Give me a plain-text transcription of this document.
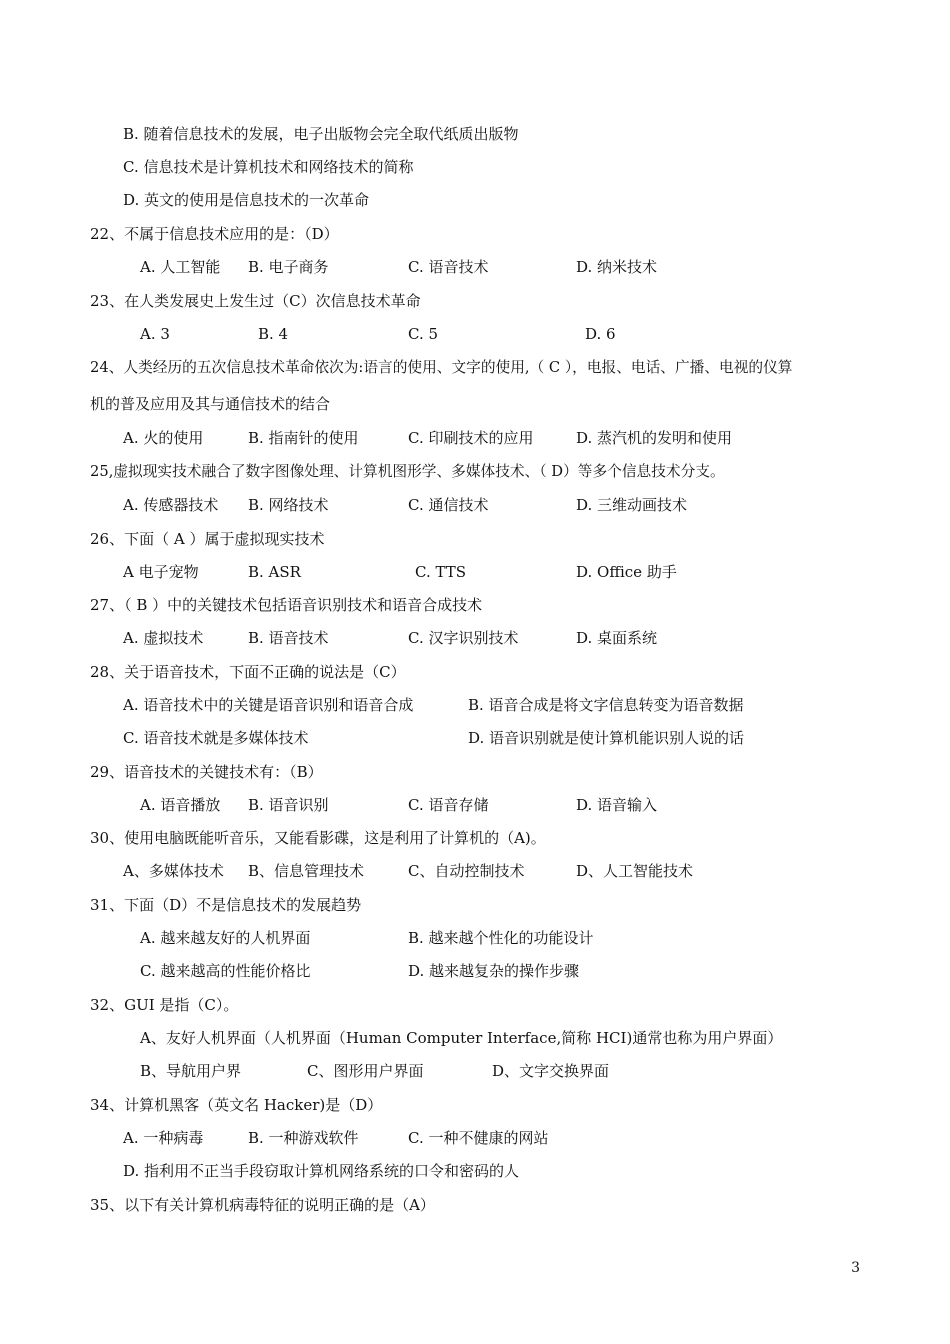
B. 随着信息技术的发展，电子出版物会完全取代纸质出版物
C. 信息技术是计算机技术和网络技术的简称
D. 英文的使用是信息技术的一次革命
22、不属于信息技术应用的是：（D）
A. 人工智能 B. 电子商务	C. 语音技术	D. 纳米技术
23、在人类发展史上发生过（C）次信息技术革命
A. 3	B. 4	C. 5	D. 6
24、人类经历的五次信息技术革命依次为:语言的使用、文字的使用,（ C ），电报、电话、广播、电视的仪算
机的普及应用及其与通信技术的结合
A. 火的使用	B. 指南针的使用	C. 印刷技术的应用	D. 蒸汽机的发明和使用
25,虚拟现实技术融合了数字图像处理、计算机图形学、多媒体技术、（ D）等多个信息技术分支。
A. 传感器技术 B. 网络技术	C. 通信技术	D. 三维动画技术
26、下面（ A ）属于虚拟现实技术
A 电子宠物	B. ASR	C. TTS	D. Office 助手
27、（ B ）中的关键技术包括语音识别技术和语音合成技术
A. 虚拟技术	B. 语音技术	C. 汉字识别技术	D. 桌面系统
28、关于语音技术，下面不正确的说法是（C）
A. 语音技术中的关键是语音识别和语音合成	B. 语音合成是将文字信息转变为语音数据
C. 语音技术就是多媒体技术	D. 语音识别就是使计算机能识别人说的话
29、语音技术的关键技术有：（B）
A. 语音播放 B. 语音识别	C. 语音存储	D. 语音输入
30、使用电脑既能听音乐，又能看影碟，这是利用了计算机的（A)。
A、多媒体技术 B、信息管理技术	C、自动控制技术	D、人工智能技术
31、下面（D）不是信息技术的发展趋势
A. 越来越友好的人机界面	B. 越来越个性化的功能设计
C. 越来越高的性能价格比	D. 越来越复杂的操作步骤
32、GUI 是指（C）。
A、友好人机界面（人机界面（Human Computer Interface,简称 HCI)通常也称为用户界面）
B、导航用户界	C、图形用户界面	D、文字交换界面
34、计算机黑客（英文名 Hacker)是（D）
A. 一种病毒	B. 一种游戏软件	C. 一种不健康的网站
D. 指利用不正当手段窃取计算机网络系统的口令和密码的人
35、以下有关计算机病毒特征的说明正确的是（A）
3
